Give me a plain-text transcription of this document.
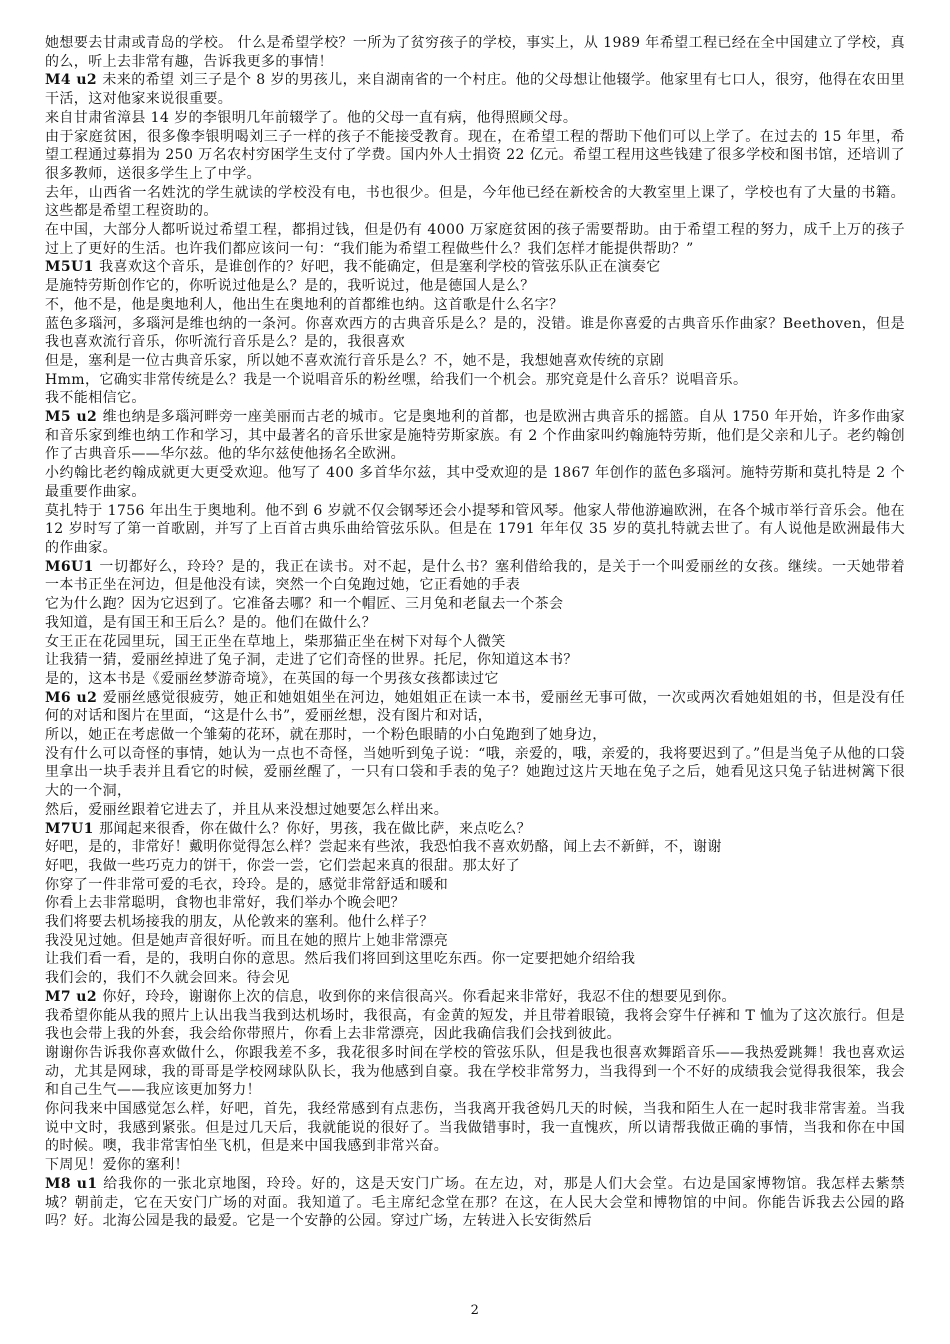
她想要去甘肃或青岛的学校。 什么是希望学校？一所为了贫穷孩子的学校，事实上，从 1989 年希望工程已经在全中国建立了学校，真的么，听上去非常有趣，告诉我更多的事情！

M4 u2 未来的希望 刘三子是个 8 岁的男孩儿，来自湖南省的一个村庄。他的父母想让他辍学。他家里有七口人，很穷，他得在农田里干活，这对他家来说很重要。

来自甘肃省漳县 14 岁的李银明几年前辍学了。他的父母一直有病，他得照顾父母。

由于家庭贫困，很多像李银明喝刘三子一样的孩子不能接受教育。现在，在希望工程的帮助下他们可以上学了。在过去的 15 年里，希望工程通过募捐为 250 万名农村穷困学生支付了学费。国内外人士捐资 22 亿元。希望工程用这些钱建了很多学校和图书馆，还培训了很多教师，送很多学生上了中学。

去年，山西省一名姓沈的学生就读的学校没有电，书也很少。但是，今年他已经在新校舍的大教室里上课了，学校也有了大量的书籍。这些都是希望工程资助的。

在中国，大部分人都听说过希望工程，都捐过钱，但是仍有 4000 万家庭贫困的孩子需要帮助。由于希望工程的努力，成千上万的孩子过上了更好的生活。也许我们都应该问一句：“我们能为希望工程做些什么？我们怎样才能提供帮助？”

M5U1 我喜欢这个音乐，是谁创作的？好吧，我不能确定，但是塞利学校的管弦乐队正在演奏它

是施特劳斯创作它的，你听说过他是么？是的，我听说过，他是德国人是么？

不，他不是，他是奥地利人，他出生在奥地利的首都维也纳。这首歌是什么名字？

蓝色多瑙河，多瑙河是维也纳的一条河。你喜欢西方的古典音乐是么？是的，没错。谁是你喜爱的古典音乐作曲家？Beethoven，但是我也喜欢流行音乐，你听流行音乐是么？是的，我很喜欢

但是，塞利是一位古典音乐家，所以她不喜欢流行音乐是么？不，她不是，我想她喜欢传统的京剧

Hmm，它确实非常传统是么？我是一个说唱音乐的粉丝嘿，给我们一个机会。那究竟是什么音乐？说唱音乐。

我不能相信它。

M5 u2 维也纳是多瑙河畔旁一座美丽而古老的城市。它是奥地利的首都，也是欧洲古典音乐的摇篮。自从 1750 年开始，许多作曲家和音乐家到维也纳工作和学习，其中最著名的音乐世家是施特劳斯家族。有 2 个作曲家叫约翰施特劳斯，他们是父亲和儿子。老约翰创作了古典音乐——华尔兹。他的华尔兹使他扬名全欧洲。

小约翰比老约翰成就更大更受欢迎。他写了 400 多首华尔兹，其中受欢迎的是 1867 年创作的蓝色多瑙河。施特劳斯和莫扎特是 2 个最重要作曲家。

莫扎特于 1756 年出生于奥地利。他不到 6 岁就不仅会钢琴还会小提琴和管风琴。他家人带他游遍欧洲，在各个城市举行音乐会。他在 12 岁时写了第一首歌剧，并写了上百首古典乐曲给管弦乐队。但是在 1791 年年仅 35 岁的莫扎特就去世了。有人说他是欧洲最伟大的作曲家。

M6U1 一切都好么，玲玲？是的，我正在读书。对不起，是什么书？塞利借给我的，是关于一个叫爱丽丝的女孩。继续。一天她带着一本书正坐在河边，但是他没有读，突然一个白兔跑过她，它正看她的手表

它为什么跑？因为它迟到了。它准备去哪？和一个帽匠、三月兔和老鼠去一个茶会

我知道，是有国王和王后么？是的。他们在做什么？

女王正在花园里玩，国王正坐在草地上，柴那猫正坐在树下对每个人微笑

让我猜一猜，爱丽丝掉进了兔子洞，走进了它们奇怪的世界。托尼，你知道这本书？

是的，这本书是《爱丽丝梦游奇境》，在英国的每一个男孩女孩都读过它

M6 u2 爱丽丝感觉很疲劳，她正和她姐姐坐在河边，她姐姐正在读一本书，爱丽丝无事可做，一次或两次看她姐姐的书，但是没有任何的对话和图片在里面，“这是什么书”，爱丽丝想，没有图片和对话，

所以，她正在考虑做一个雏菊的花环，就在那时，一个粉色眼睛的小白兔跑到了她身边，

没有什么可以奇怪的事情，她认为一点也不奇怪，当她听到兔子说：“哦，亲爱的，哦，亲爱的，我将要迟到了。”但是当兔子从他的口袋里拿出一块手表并且看它的时候，爱丽丝醒了，一只有口袋和手表的兔子？她跑过这片天地在兔子之后，她看见这只兔子钻进树篱下很大的一个洞，

然后，爱丽丝跟着它进去了，并且从来没想过她要怎么样出来。

M7U1 那闻起来很香，你在做什么？你好，男孩，我在做比萨，来点吃么？

好吧，是的，非常好！戴明你觉得怎么样？尝起来有些浓，我恐怕我不喜欢奶酪，闻上去不新鲜，不，谢谢

好吧，我做一些巧克力的饼干，你尝一尝，它们尝起来真的很甜。那太好了

你穿了一件非常可爱的毛衣，玲玲。是的，感觉非常舒适和暖和

你看上去非常聪明，食物也非常好，我们举办个晚会吧？

我们将要去机场接我的朋友，从伦敦来的塞利。他什么样子？

我没见过她。但是她声音很好听。而且在她的照片上她非常漂亮

让我们看一看，是的，我明白你的意思。然后我们将回到这里吃东西。你一定要把她介绍给我

我们会的，我们不久就会回来。待会见

M7 u2 你好，玲玲，谢谢你上次的信息，收到你的来信很高兴。你看起来非常好，我忍不住的想要见到你。

我希望你能从我的照片上认出我当我到达机场时，我很高，有金黄的短发，并且带着眼镜，我将会穿牛仔裤和 T 恤为了这次旅行。但是我也会带上我的外套，我会给你带照片，你看上去非常漂亮，因此我确信我们会找到彼此。

谢谢你告诉我你喜欢做什么，你跟我差不多，我花很多时间在学校的管弦乐队，但是我也很喜欢舞蹈音乐——我热爱跳舞！我也喜欢运动，尤其是网球，我的哥哥是学校网球队队长，我为他感到自豪。我在学校非常努力，当我得到一个不好的成绩我会觉得我很笨，我会和自己生气——我应该更加努力！

你问我来中国感觉怎么样，好吧，首先，我经常感到有点悲伤，当我离开我爸妈几天的时候，当我和陌生人在一起时我非常害羞。当我说中文时，我感到紧张。但是过几天后，我就能说的很好了。当我做错事时，我一直愧疚，所以请帮我做正确的事情，当我和你在中国的时候。噢，我非常害怕坐飞机，但是来中国我感到非常兴奋。

下周见！爱你的塞利！

M8 u1 给我你的一张北京地图，玲玲。好的，这是天安门广场。在左边，对，那是人们大会堂。右边是国家博物馆。我怎样去紫禁城？朝前走，它在天安门广场的对面。我知道了。毛主席纪念堂在那？在这，在人民大会堂和博物馆的中间。你能告诉我去公园的路吗？好。北海公园是我的最爱。它是一个安静的公园。穿过广场，左转进入长安街然后

2
